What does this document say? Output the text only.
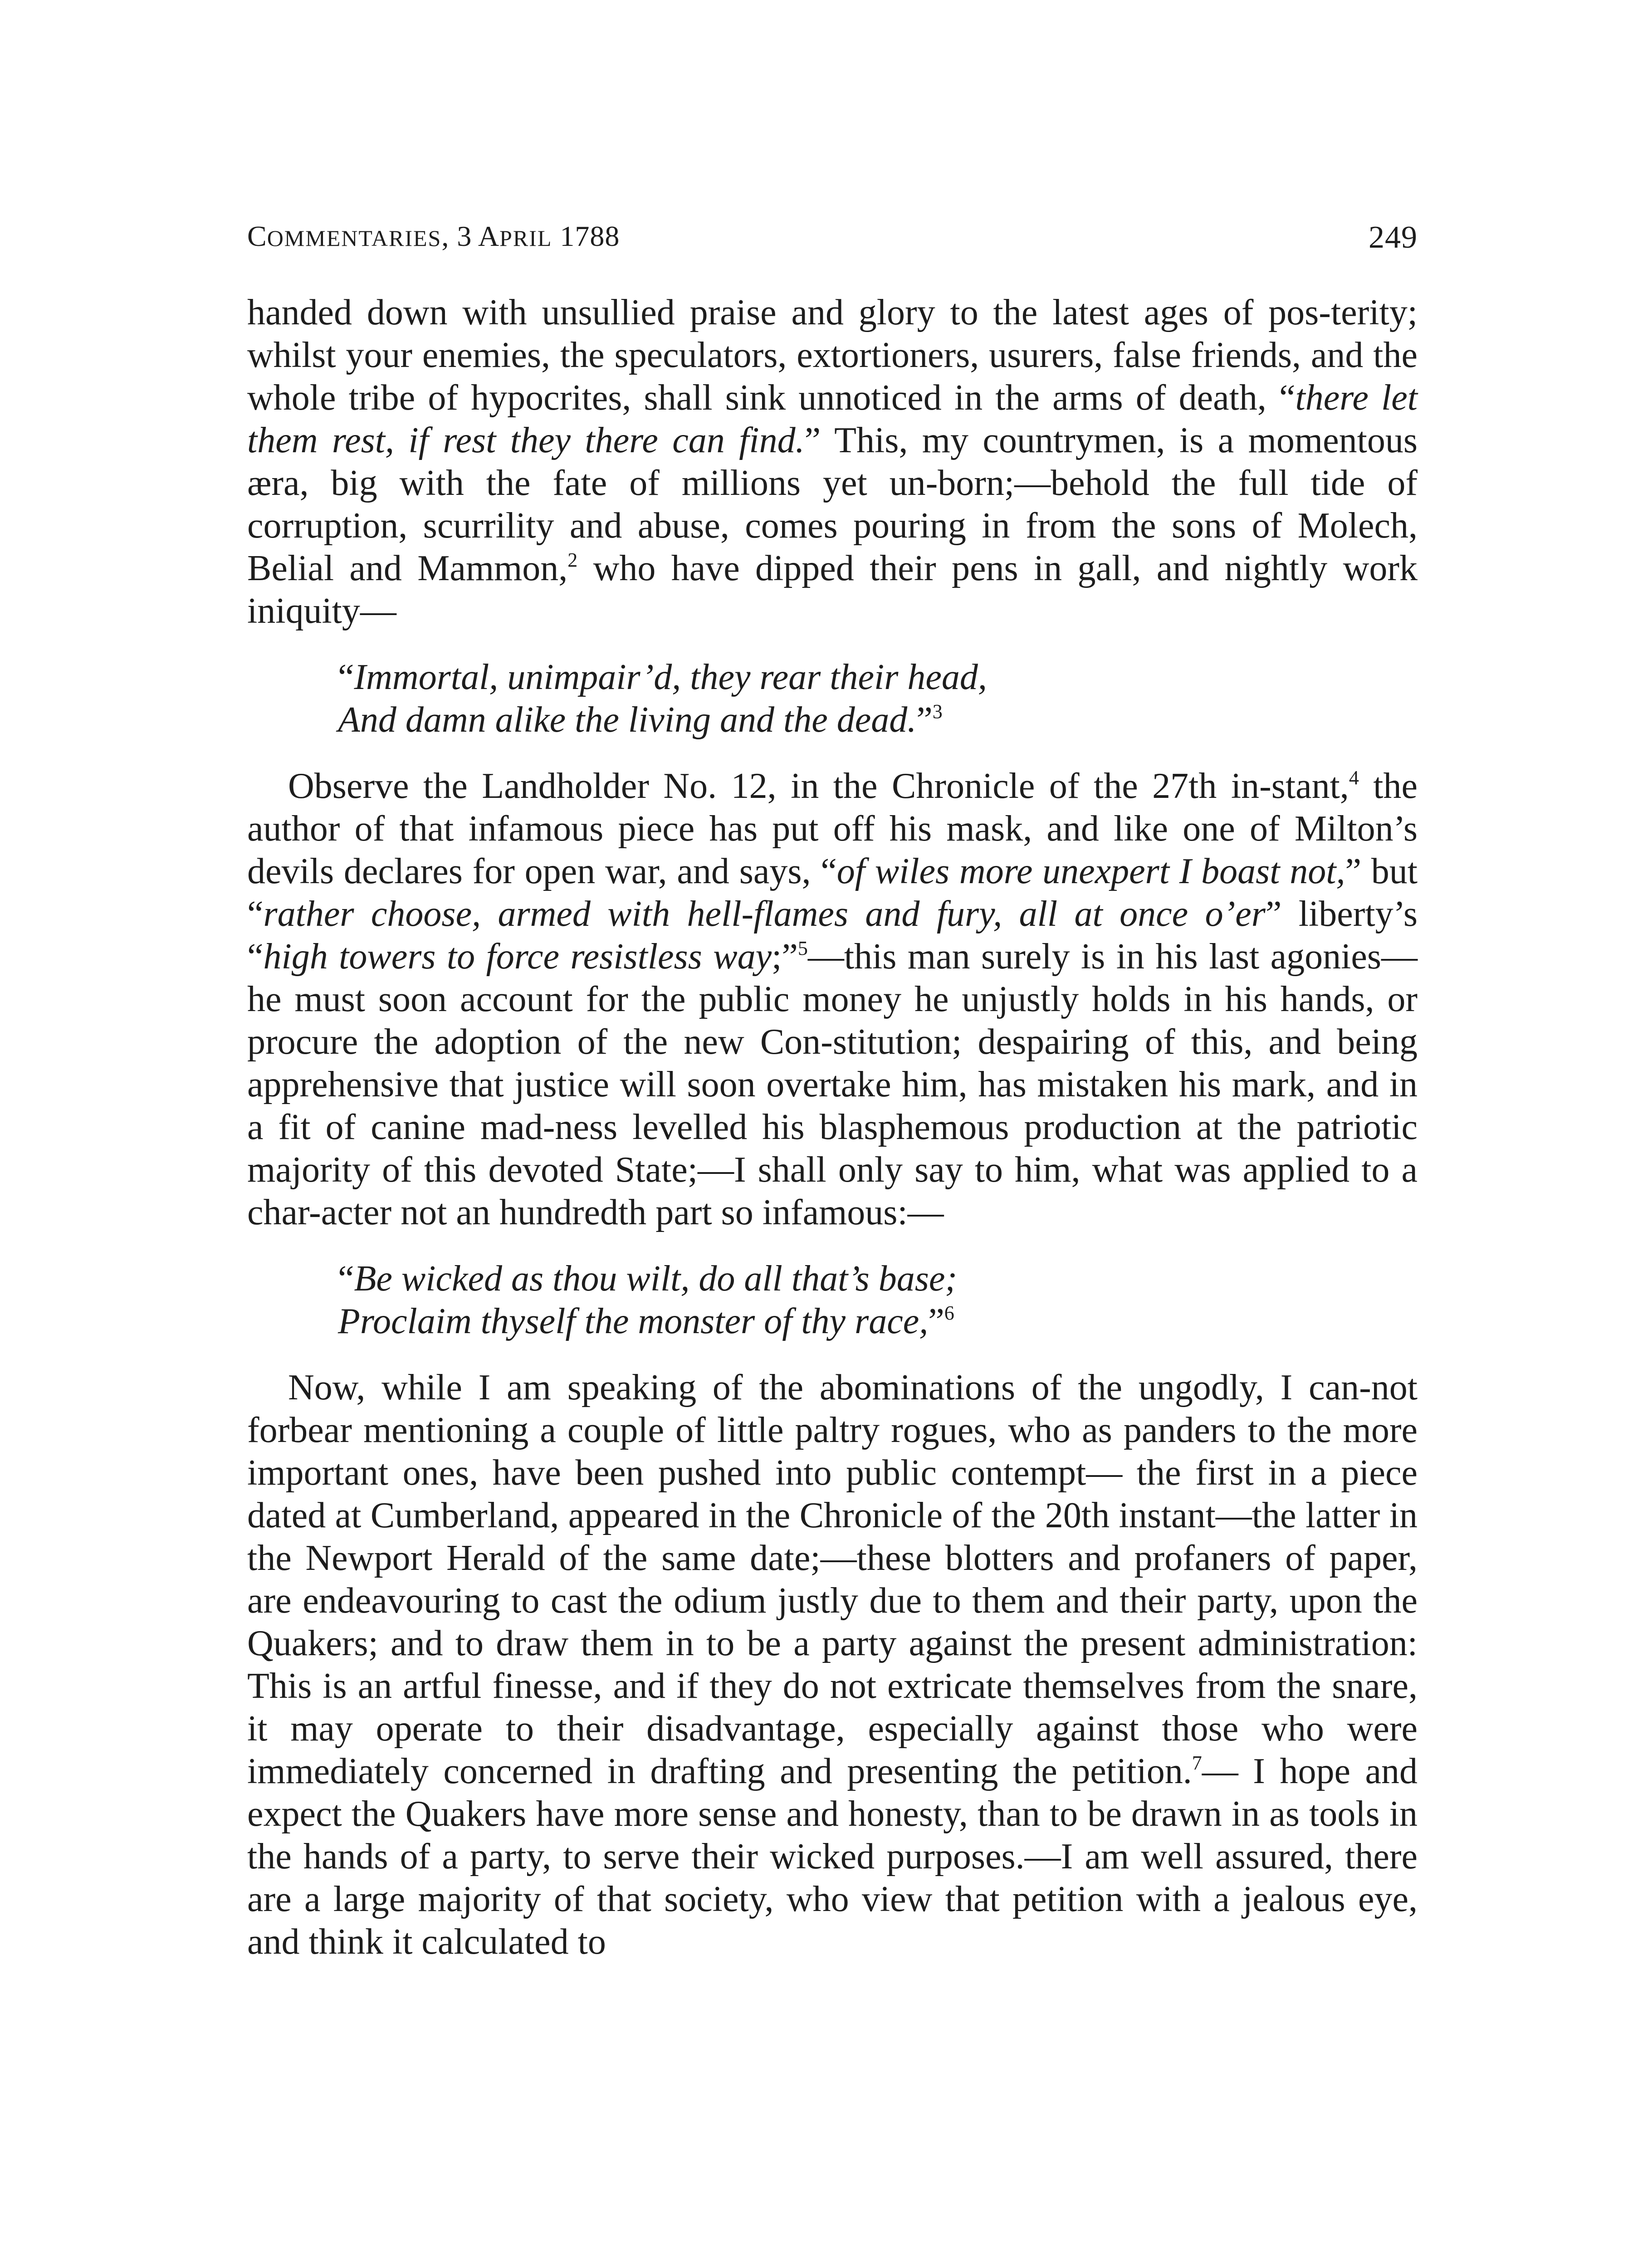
COMMENTARIES, 3 APRIL 1788	249

handed down with unsullied praise and glory to the latest ages of pos-terity; whilst your enemies, the speculators, extortioners, usurers, false friends, and the whole tribe of hypocrites, shall sink unnoticed in the arms of death, “there let them rest, if rest they there can find.” This, my countrymen, is a momentous æra, big with the fate of millions yet un-born;—behold the full tide of corruption, scurrility and abuse, comes pouring in from the sons of Molech, Belial and Mammon,$^2$ who have dipped their pens in gall, and nightly work iniquity—

“Immortal, unimpair’d, they rear their head,
And damn alike the living and the dead.”$^3$

Observe the Landholder No. 12, in the Chronicle of the 27th in-stant,$^4$ the author of that infamous piece has put off his mask, and like one of Milton’s devils declares for open war, and says, “of wiles more unexpert I boast not,” but “rather choose, armed with hell-flames and fury, all at once o’er” liberty’s “high towers to force resistless way;”$^5$—this man surely is in his last agonies—he must soon account for the public money he unjustly holds in his hands, or procure the adoption of the new Con-stitution; despairing of this, and being apprehensive that justice will soon overtake him, has mistaken his mark, and in a fit of canine mad-ness levelled his blasphemous production at the patriotic majority of this devoted State;—I shall only say to him, what was applied to a char-acter not an hundredth part so infamous:—

“Be wicked as thou wilt, do all that’s base;
Proclaim thyself the monster of thy race,”$^6$

Now, while I am speaking of the abominations of the ungodly, I can-not forbear mentioning a couple of little paltry rogues, who as panders to the more important ones, have been pushed into public contempt— the first in a piece dated at Cumberland, appeared in the Chronicle of the 20th instant—the latter in the Newport Herald of the same date;—these blotters and profaners of paper, are endeavouring to cast the odium justly due to them and their party, upon the Quakers; and to draw them in to be a party against the present administration: This is an artful finesse, and if they do not extricate themselves from the snare, it may operate to their disadvantage, especially against those who were immediately concerned in drafting and presenting the petition.$^7$— I hope and expect the Quakers have more sense and honesty, than to be drawn in as tools in the hands of a party, to serve their wicked purposes.—I am well assured, there are a large majority of that society, who view that petition with a jealous eye, and think it calculated to
